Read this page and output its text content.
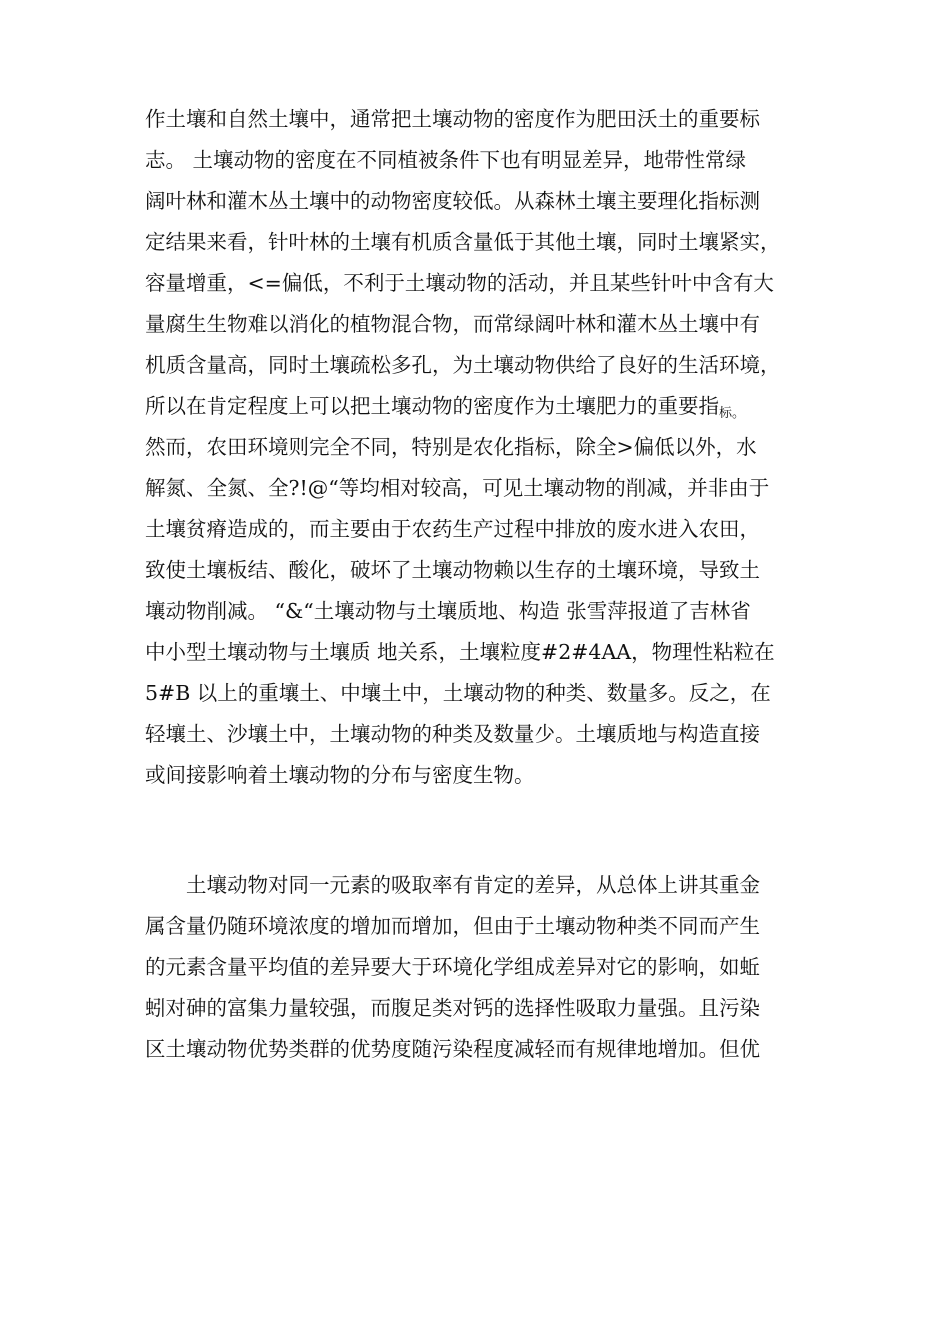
作土壤和自然土壤中，通常把土壤动物的密度作为肥田沃土的重要标
志。 土壤动物的密度在不同植被条件下也有明显差异，地带性常绿
阔叶林和灌木丛土壤中的动物密度较低。从森林土壤主要理化指标测
定结果来看，针叶林的土壤有机质含量低于其他土壤，同时土壤紧实，
容量增重，<=偏低，不利于土壤动物的活动，并且某些针叶中含有大
量腐生生物难以消化的植物混合物，而常绿阔叶林和灌木丛土壤中有
机质含量高，同时土壤疏松多孔，为土壤动物供给了良好的生活环境，
所以在肯定程度上可以把土壤动物的密度作为土壤肥力的重要指$_{标。}$
然而，农田环境则完全不同，特别是农化指标，除全>偏低以外，水
解氮、全氮、全?!@“等均相对较高，可见土壤动物的削减，并非由于
土壤贫瘠造成的，而主要由于农药生产过程中排放的废水进入农田，
致使土壤板结、酸化，破坏了土壤动物赖以生存的土壤环境，导致土
壤动物削减。 “&“土壤动物与土壤质地、构造 张雪萍报道了吉林省
中小型土壤动物与土壤质 地关系，土壤粒度#2#4AA，物理性粘粒在
5#B 以上的重壤土、中壤土中，土壤动物的种类、数量多。反之，在
轻壤土、沙壤土中，土壤动物的种类及数量少。土壤质地与构造直接
或间接影响着土壤动物的分布与密度生物。
土壤动物对同一元素的吸取率有肯定的差异，从总体上讲其重金
属含量仍随环境浓度的增加而增加，但由于土壤动物种类不同而产生
的元素含量平均值的差异要大于环境化学组成差异对它的影响，如蚯
蚓对砷的富集力量较强，而腹足类对钙的选择性吸取力量强。且污染
区土壤动物优势类群的优势度随污染程度减轻而有规律地增加。但优
